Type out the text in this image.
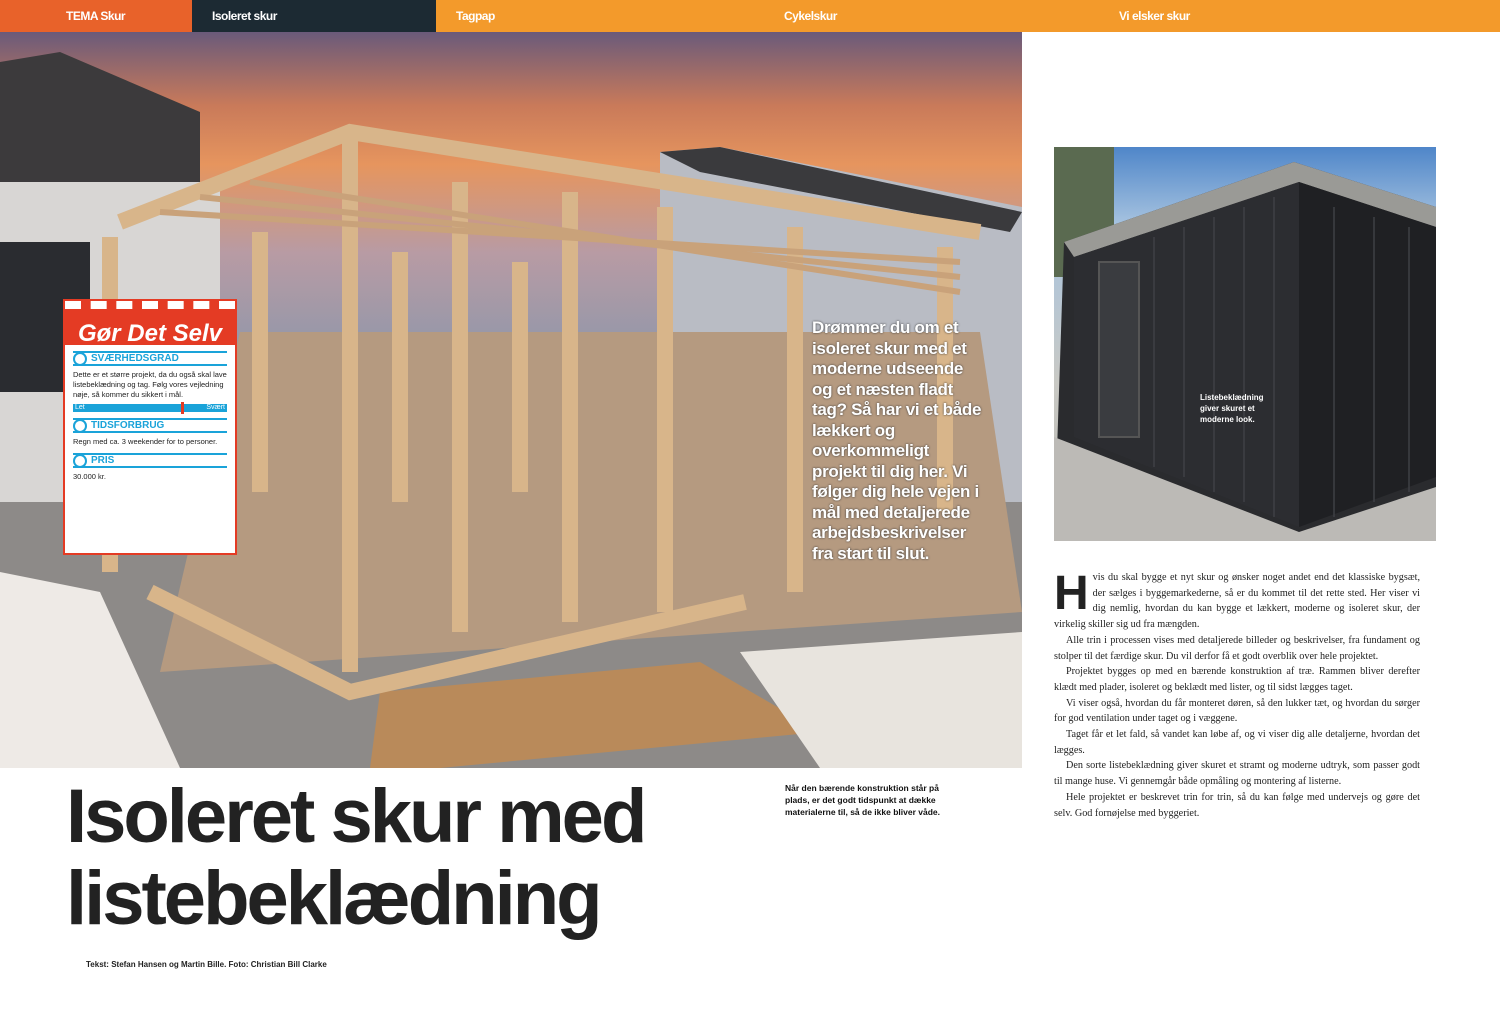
TEMA Skur	Isoleret skur	Tagpap	Cykelskur	Vi elsker skur
Gør Det Selv
SVÆRHEDSGRAD

Dette er et større projekt, da du også skal lave listebeklædning og tag. Følg vores vejledning nøje, så kommer du sikkert i mål.

Let	Svært
TIDSFORBRUG

Regn med ca. 3 weekender for to personer.

PRIS

30.000 kr.

Drømmer du om et isoleret skur med et moderne udseende og et næsten fladt tag? Så har vi et både lækkert og overkommeligt projekt til dig her. Vi følger dig hele vejen i mål med detaljerede arbejdsbeskrivelser fra start til slut.
Listebeklædning giver skuret et moderne look.
Isoleret skur med listebeklædning
Når den bærende konstruktion står på plads, er det godt tidspunkt at dække materialerne til, så de ikke bliver våde.
Tekst: Stefan Hansen og Martin Bille. Foto: Christian Bill Clarke

Hvis du skal bygge et nyt skur og ønsker noget andet end det klassiske bygsæt, der sælges i byggemarkederne, så er du kommet til det rette sted. Her viser vi dig nemlig, hvordan du kan bygge et lækkert, moderne og isoleret skur, der virkelig skiller sig ud fra mængden.

Alle trin i processen vises med detaljerede billeder og beskrivelser, fra fundament og stolper til det færdige skur. Du vil derfor få et godt overblik over hele projektet.

Projektet bygges op med en bærende konstruktion af træ. Rammen bliver derefter klædt med plader, isoleret og beklædt med lister, og til sidst lægges taget.

Vi viser også, hvordan du får monteret døren, så den lukker tæt, og hvordan du sørger for god ventilation under taget og i væggene.

Taget får et let fald, så vandet kan løbe af, og vi viser dig alle detaljerne, hvordan det lægges.

Den sorte listebeklædning giver skuret et stramt og moderne udtryk, som passer godt til mange huse. Vi gennemgår både opmåling og montering af listerne.

Hele projektet er beskrevet trin for trin, så du kan følge med undervejs og gøre det selv. God fornøjelse med byggeriet.
